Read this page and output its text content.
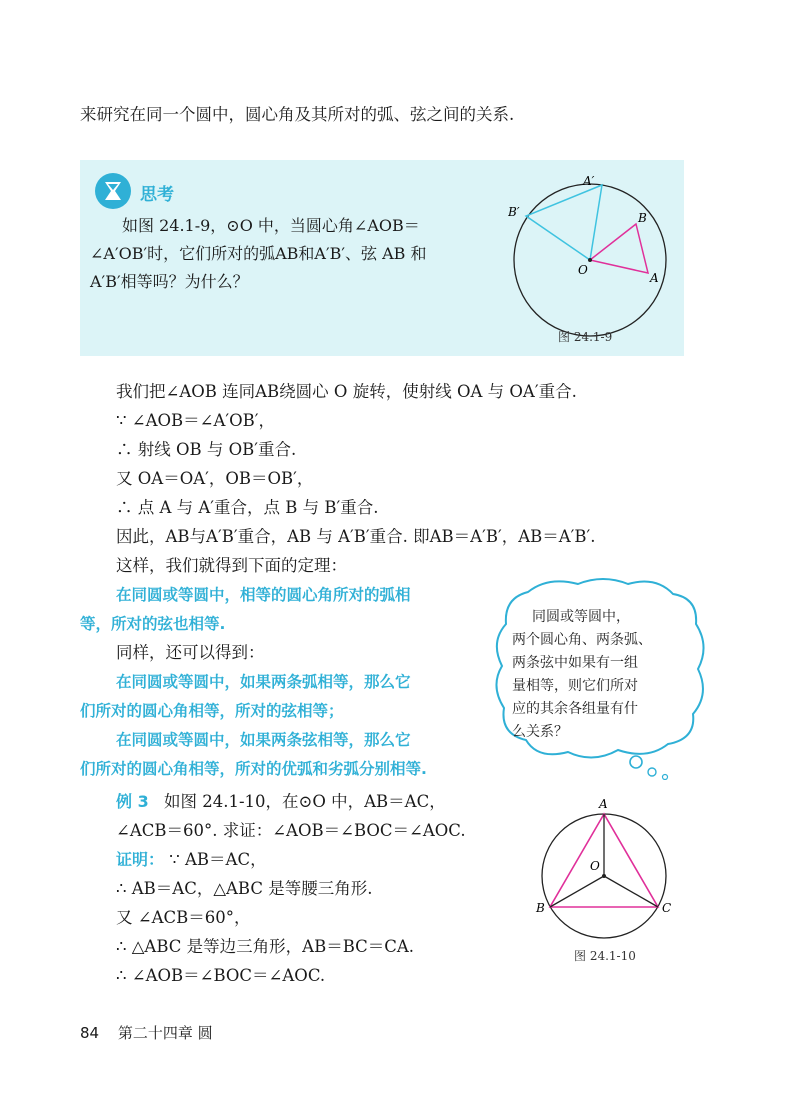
来研究在同一个圆中，圆心角及其所对的弧、弦之间的关系.
思考
如图 24.1-9，⊙O 中，当圆心角∠AOB＝
∠A′OB′时，它们所对的弧AB和A′B′、弦 AB 和
A′B′相等吗？为什么？
A′
B′	B
A
O
图 24.1-9
我们把∠AOB 连同AB绕圆心 O 旋转，使射线 OA 与 OA′重合.
∵ ∠AOB＝∠A′OB′，
∴ 射线 OB 与 OB′重合.
又 OA＝OA′，OB＝OB′，
∴ 点 A 与 A′重合，点 B 与 B′重合.
因此，AB与A′B′重合，AB 与 A′B′重合. 即AB＝A′B′，AB＝A′B′.
这样，我们就得到下面的定理：
在同圆或等圆中，相等的圆心角所对的弧相
等，所对的弦也相等.
同样，还可以得到：
在同圆或等圆中，如果两条弧相等，那么它
们所对的圆心角相等，所对的弦相等；
在同圆或等圆中，如果两条弦相等，那么它
们所对的圆心角相等，所对的优弧和劣弧分别相等.
同圆或等圆中，
两个圆心角、两条弧、
两条弦中如果有一组
量相等，则它们所对
应的其余各组量有什
么关系？
例 3 如图 24.1-10，在⊙O 中，AB＝AC，
∠ACB＝60°. 求证：∠AOB＝∠BOC＝∠AOC.
证明： ∵ AB＝AC，
∴ AB＝AC，△ABC 是等腰三角形.
又 ∠ACB＝60°，
∴ △ABC 是等边三角形，AB＝BC＝CA.
∴ ∠AOB＝∠BOC＝∠AOC.
A
O
B	C
图 24.1-10
84 第二十四章 圆
